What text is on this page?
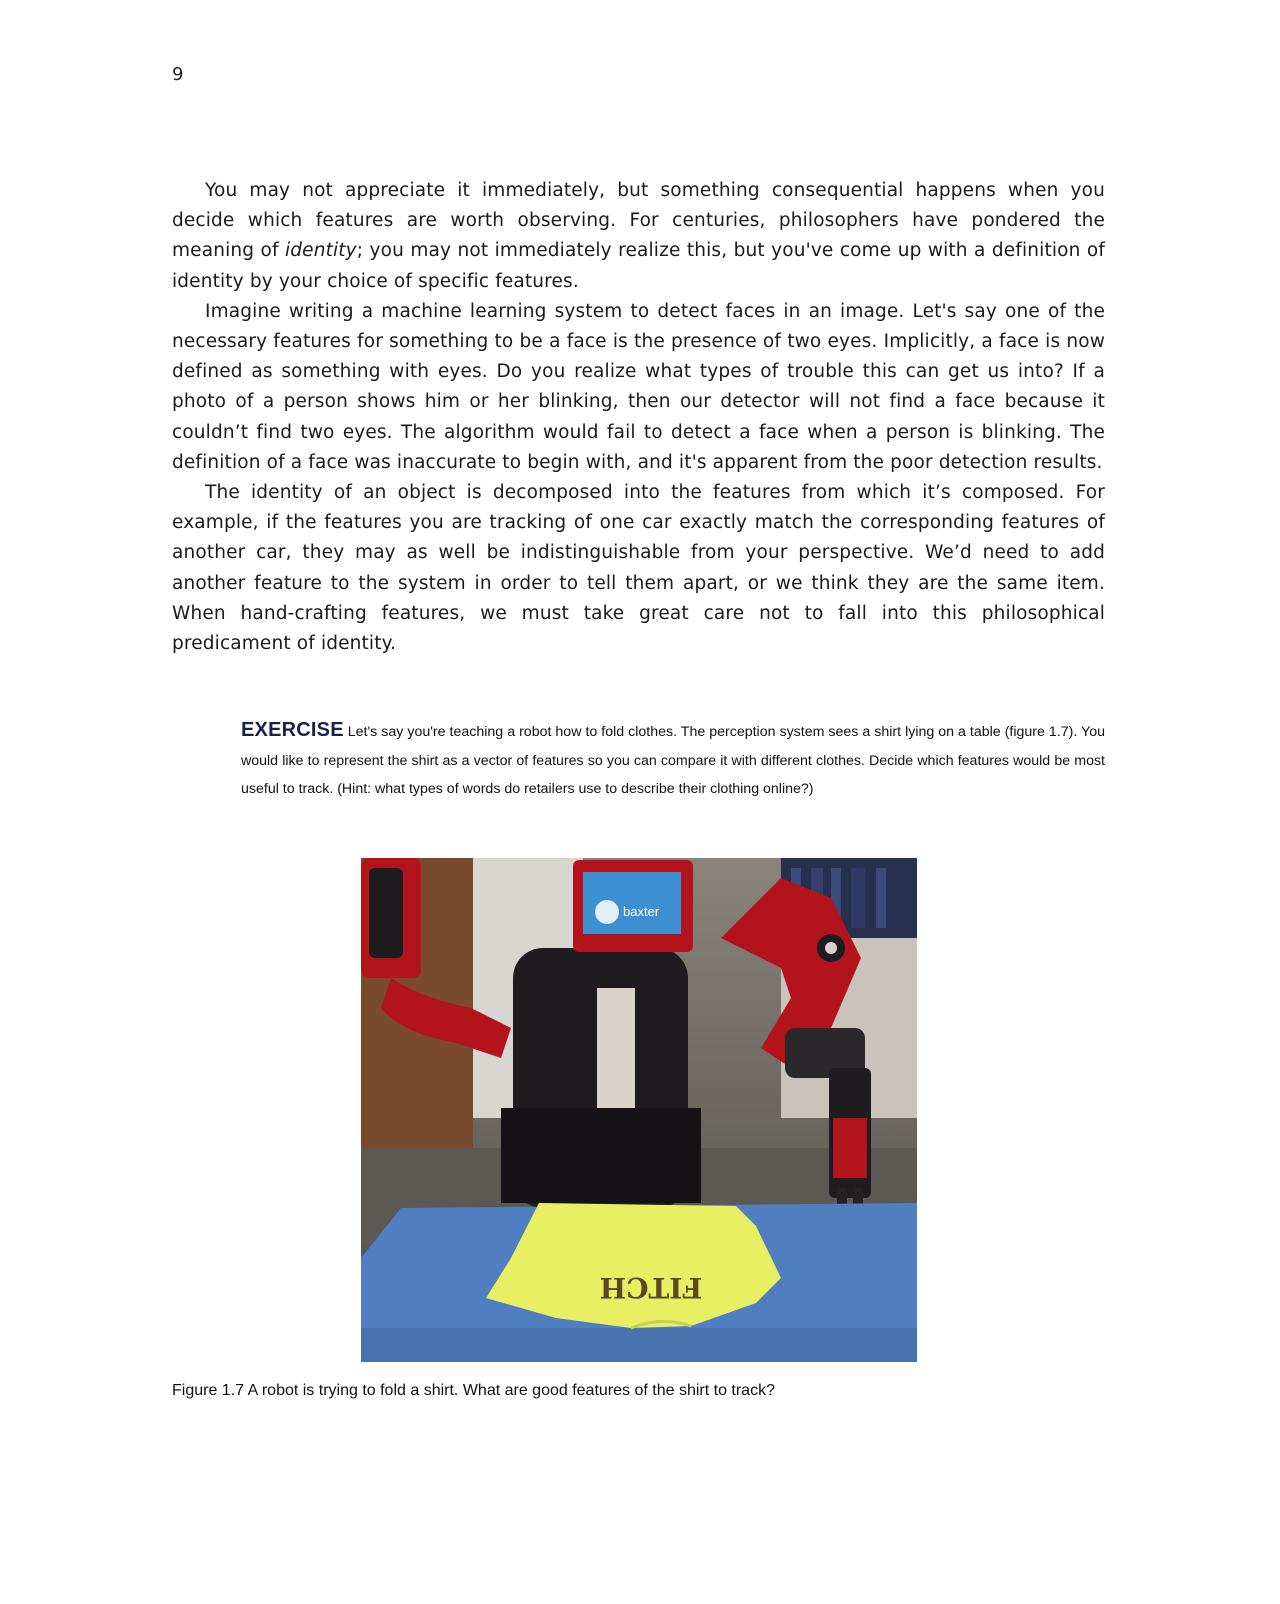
9

You may not appreciate it immediately, but something consequential happens when you decide which features are worth observing. For centuries, philosophers have pondered the meaning of identity; you may not immediately realize this, but you've come up with a definition of identity by your choice of specific features.

Imagine writing a machine learning system to detect faces in an image. Let's say one of the necessary features for something to be a face is the presence of two eyes. Implicitly, a face is now defined as something with eyes. Do you realize what types of trouble this can get us into? If a photo of a person shows him or her blinking, then our detector will not find a face because it couldn’t find two eyes. The algorithm would fail to detect a face when a person is blinking. The definition of a face was inaccurate to begin with, and it's apparent from the poor detection results.

The identity of an object is decomposed into the features from which it’s composed. For example, if the features you are tracking of one car exactly match the corresponding features of another car, they may as well be indistinguishable from your perspective. We’d need to add another feature to the system in order to tell them apart, or we think they are the same item. When hand-crafting features, we must take great care not to fall into this philosophical predicament of identity.

EXERCISE Let's say you're teaching a robot how to fold clothes. The perception system sees a shirt lying on a table (figure 1.7). You would like to represent the shirt as a vector of features so you can compare it with different clothes. Decide which features would be most useful to track. (Hint: what types of words do retailers use to describe their clothing online?)
baxter
FITCH
Figure 1.7 A robot is trying to fold a shirt. What are good features of the shirt to track?
